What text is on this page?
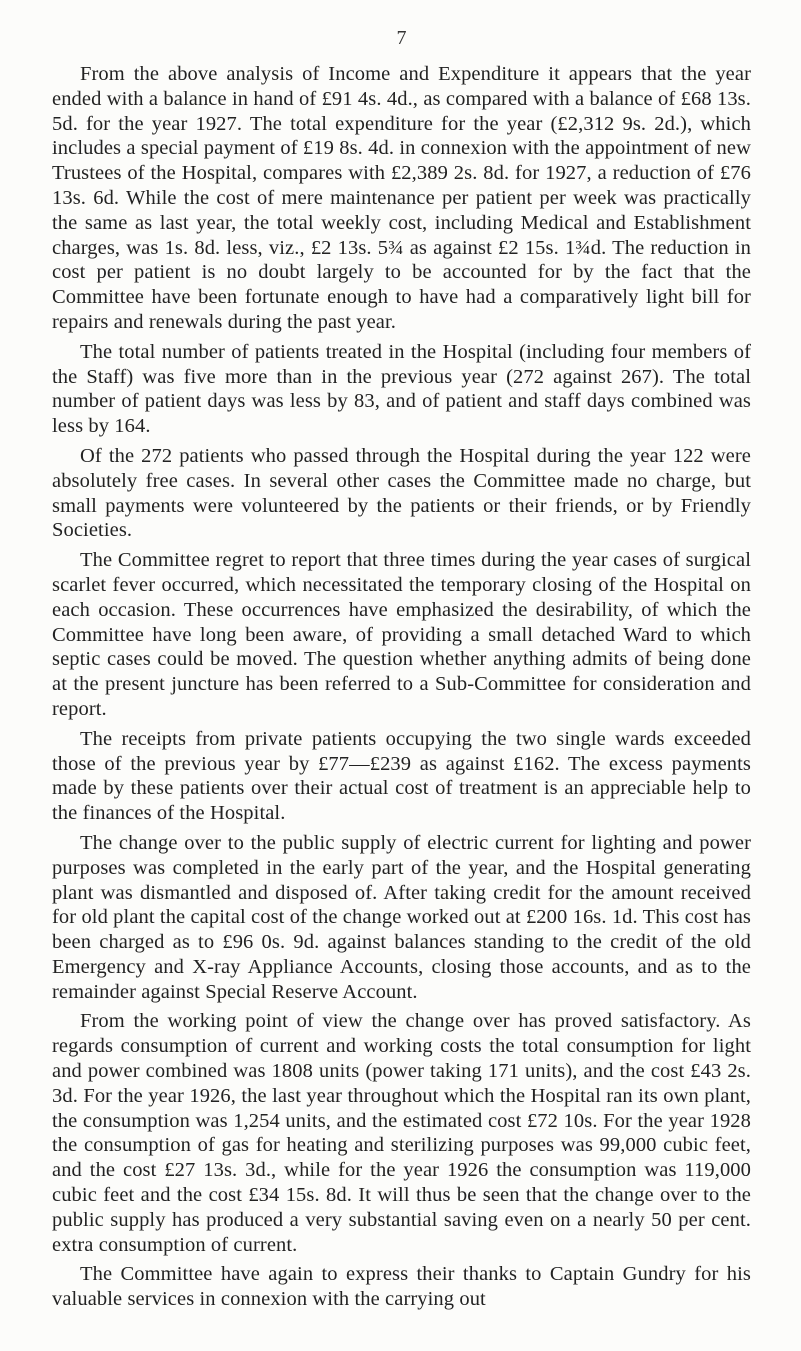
7

From the above analysis of Income and Expenditure it appears that the year ended with a balance in hand of £91 4s. 4d., as compared with a balance of £68 13s. 5d. for the year 1927. The total expenditure for the year (£2,312 9s. 2d.), which includes a special payment of £19 8s. 4d. in connexion with the appointment of new Trustees of the Hospital, compares with £2,389 2s. 8d. for 1927, a reduction of £76 13s. 6d. While the cost of mere maintenance per patient per week was practically the same as last year, the total weekly cost, including Medical and Establishment charges, was 1s. 8d. less, viz., £2 13s. 5¾ as against £2 15s. 1¾d. The reduction in cost per patient is no doubt largely to be accounted for by the fact that the Committee have been fortunate enough to have had a comparatively light bill for repairs and renewals during the past year.

The total number of patients treated in the Hospital (including four members of the Staff) was five more than in the previous year (272 against 267). The total number of patient days was less by 83, and of patient and staff days combined was less by 164.

Of the 272 patients who passed through the Hospital during the year 122 were absolutely free cases. In several other cases the Committee made no charge, but small payments were volunteered by the patients or their friends, or by Friendly Societies.

The Committee regret to report that three times during the year cases of surgical scarlet fever occurred, which necessitated the temporary closing of the Hospital on each occasion. These occurrences have emphasized the desirability, of which the Committee have long been aware, of providing a small detached Ward to which septic cases could be moved. The question whether anything admits of being done at the present juncture has been referred to a Sub-Committee for consideration and report.

The receipts from private patients occupying the two single wards exceeded those of the previous year by £77—£239 as against £162. The excess payments made by these patients over their actual cost of treatment is an appreciable help to the finances of the Hospital.

The change over to the public supply of electric current for lighting and power purposes was completed in the early part of the year, and the Hospital generating plant was dismantled and disposed of. After taking credit for the amount received for old plant the capital cost of the change worked out at £200 16s. 1d. This cost has been charged as to £96 0s. 9d. against balances standing to the credit of the old Emergency and X-ray Appliance Accounts, closing those accounts, and as to the remainder against Special Reserve Account.

From the working point of view the change over has proved satisfactory. As regards consumption of current and working costs the total consumption for light and power combined was 1808 units (power taking 171 units), and the cost £43 2s. 3d. For the year 1926, the last year throughout which the Hospital ran its own plant, the consumption was 1,254 units, and the estimated cost £72 10s. For the year 1928 the consumption of gas for heating and sterilizing purposes was 99,000 cubic feet, and the cost £27 13s. 3d., while for the year 1926 the consumption was 119,000 cubic feet and the cost £34 15s. 8d. It will thus be seen that the change over to the public supply has produced a very substantial saving even on a nearly 50 per cent. extra consumption of current.

The Committee have again to express their thanks to Captain Gundry for his valuable services in connexion with the carrying out
